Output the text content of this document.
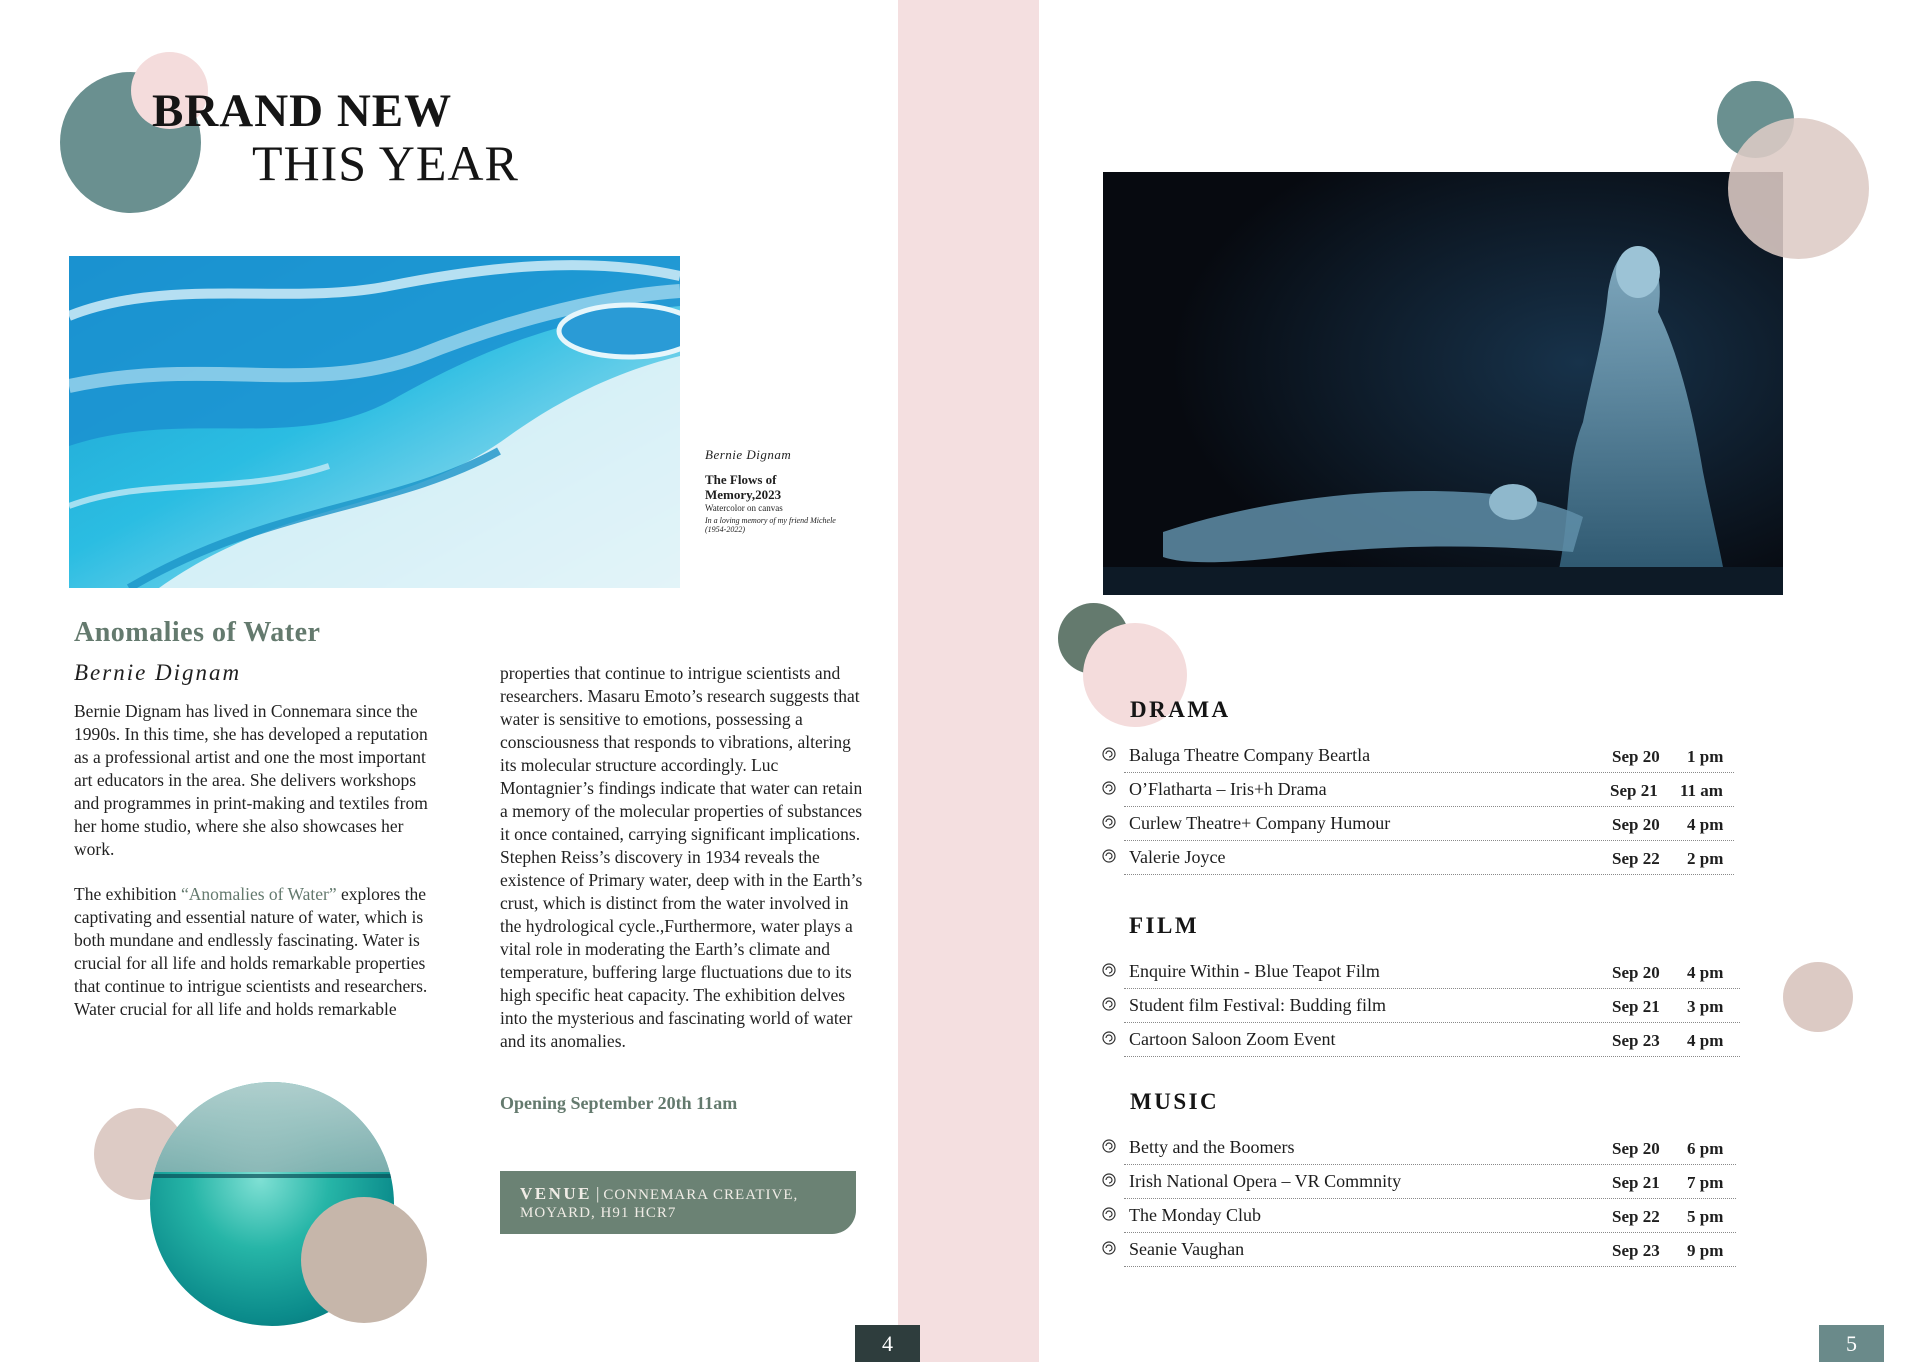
BRAND NEW
THIS YEAR
Bernie Dignam
The Flows of Memory,2023
Watercolor on canvas
In a loving memory of my friend Michele
(1954-2022)
Anomalies of Water
Bernie Dignam

Bernie Dignam has lived in Connemara since the 1990s. In this time, she has developed a reputation as a professional artist and one the most important art educators in the area. She delivers workshops and programmes in print-making and textiles from her home studio, where she also showcases her work.

The exhibition “Anomalies of Water” explores the captivating and essential nature of water, which is both mundane and endlessly fascinating. Water is crucial for all life and holds remarkable properties that continue to intrigue scientists and researchers. Water crucial for all life and holds remarkable

properties that continue to intrigue scientists and researchers. Masaru Emoto’s research suggests that water is sensitive to emotions, possessing a consciousness that responds to vibrations, altering its molecular structure accordingly. Luc Montagnier’s findings indicate that water can retain a memory of the molecular properties of substances it once contained, carrying significant implications. Stephen Reiss’s discovery in 1934 reveals the existence of Primary water, deep with in the Earth’s crust, which is distinct from the water involved in the hydrological cycle.,Furthermore, water plays a vital role in moderating the Earth’s climate and temperature, buffering large fluctuations due to its high specific heat capacity. The exhibition delves into the mysterious and fascinating world of water and its anomalies.

Opening September 20th 11am
VENUE | CONNEMARA CREATIVE, MOYARD, H91 HCR7
4
DRAMA
Baluga Theatre Company Beartla	Sep 20 1 pm
O’Flatharta – Iris+h Drama	Sep 21 11 am
Curlew Theatre+ Company Humour	Sep 20 4 pm
Valerie Joyce	Sep 22 2 pm
FILM
Enquire Within - Blue Teapot Film	Sep 20 4 pm
Student film Festival: Budding film	Sep 21 3 pm
Cartoon Saloon Zoom Event	Sep 23 4 pm
MUSIC
Betty and the Boomers	Sep 20 6 pm
Irish National Opera – VR Commnity	Sep 21 7 pm
The Monday Club	Sep 22 5 pm
Seanie Vaughan	Sep 23 9 pm
5
